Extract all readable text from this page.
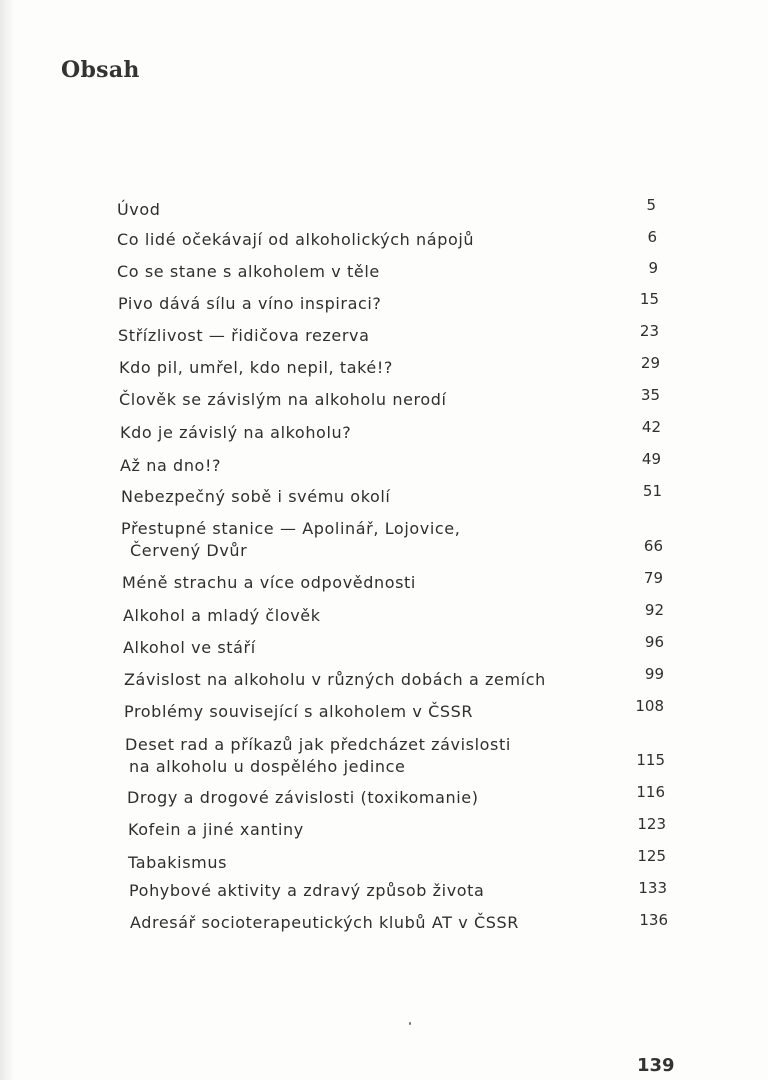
Obsah
Úvod	5
Co lidé očekávají od alkoholických nápojů	6
Co se stane s alkoholem v těle	9
Pivo dává sílu a víno inspiraci?	15
Střízlivost — řidičova rezerva	23
Kdo pil, umřel, kdo nepil, také!?	29
Člověk se závislým na alkoholu nerodí	35
Kdo je závislý na alkoholu?	42
Až na dno!?	49
Nebezpečný sobě i svému okolí	51
Přestupné stanice — Apolinář, Lojovice,
Červený Dvůr	66
Méně strachu a více odpovědnosti	79
Alkohol a mladý člověk	92
Alkohol ve stáří	96
Závislost na alkoholu v různých dobách a zemích	99
Problémy související s alkoholem v ČSSR	108
Deset rad a příkazů jak předcházet závislosti
na alkoholu u dospělého jedince	115
Drogy a drogové závislosti (toxikomanie)	116
Kofein a jiné xantiny	123
Tabakismus	125
Pohybové aktivity a zdravý způsob života	133
Adresář socioterapeutických klubů AT v ČSSR	136
139
